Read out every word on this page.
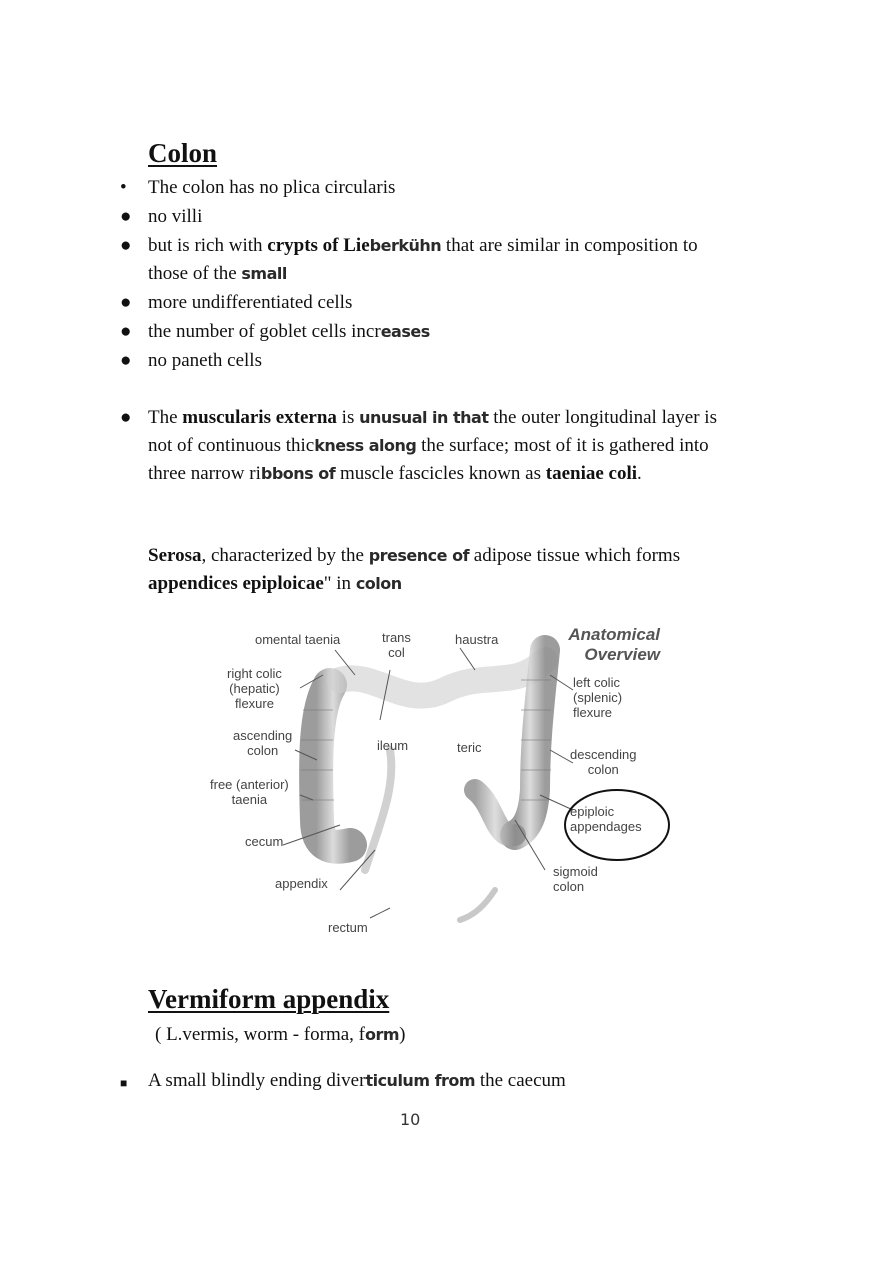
Colon
• The colon has no plica circularis
● no villi
● but is rich with crypts of Lieberkühn that are similar in composition to those of the small
● more undifferentiated cells
● the number of goblet cells increases
● no paneth cells
● The muscularis externa is unusual in that the outer longitudinal layer is not of continuous thickness along the surface; most of it is gathered into three narrow ribbons of muscle fascicles known as taeniae coli.

Serosa, characterized by the presence of adipose tissue which forms appendices epiploicae" in colon

Anatomical
Overview
omental taenia	trans
col
haustra
right colic
(hepatic)
flexure
left colic
(splenic)
flexure
ascending
colon	ileum	teric	descending
colon
free (anterior)
taenia
epiploic
appendages
cecum
appendix
sigmoid
colon
rectum
Vermiform appendix

( L.vermis, worm - forma, form)

■ A small blindly ending diverticulum from the caecum
10
